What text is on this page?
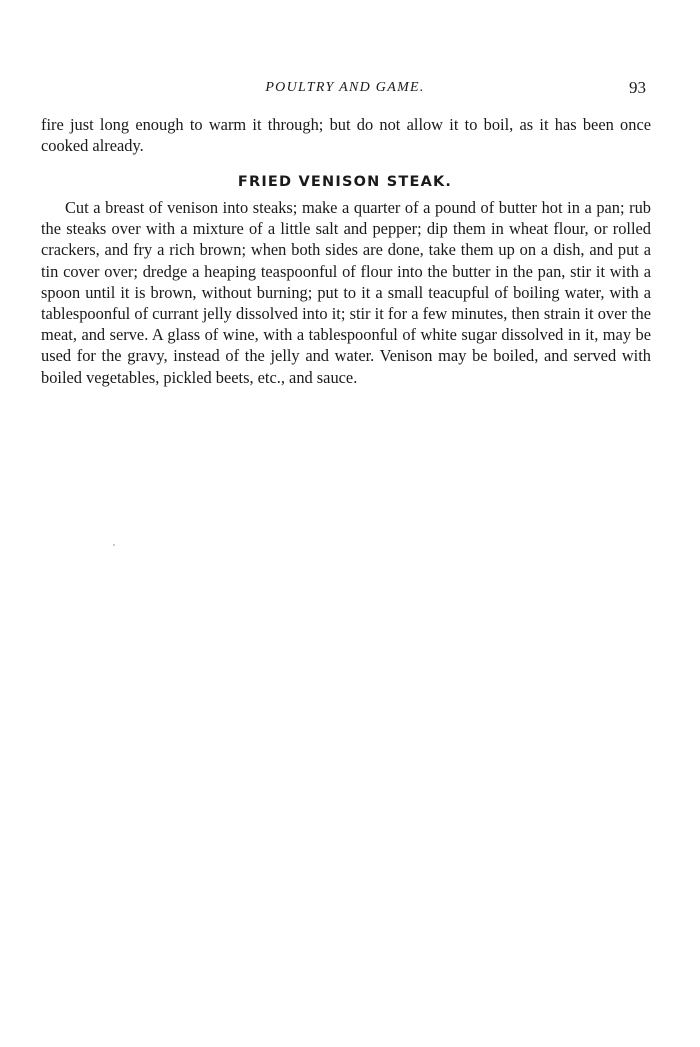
POULTRY AND GAME.	93

fire just long enough to warm it through; but do not allow it to boil, as it has been once cooked already.

FRIED VENISON STEAK.

Cut a breast of venison into steaks; make a quarter of a pound of butter hot in a pan; rub the steaks over with a mixture of a little salt and pepper; dip them in wheat flour, or rolled crackers, and fry a rich brown; when both sides are done, take them up on a dish, and put a tin cover over; dredge a heaping teaspoonful of flour into the butter in the pan, stir it with a spoon until it is brown, without burning; put to it a small teacupful of boiling water, with a tablespoonful of currant jelly dissolved into it; stir it for a few minutes, then strain it over the meat, and serve. A glass of wine, with a tablespoonful of white sugar dissolved in it, may be used for the gravy, instead of the jelly and water. Venison may be boiled, and served with boiled vegetables, pickled beets, etc., and sauce.
